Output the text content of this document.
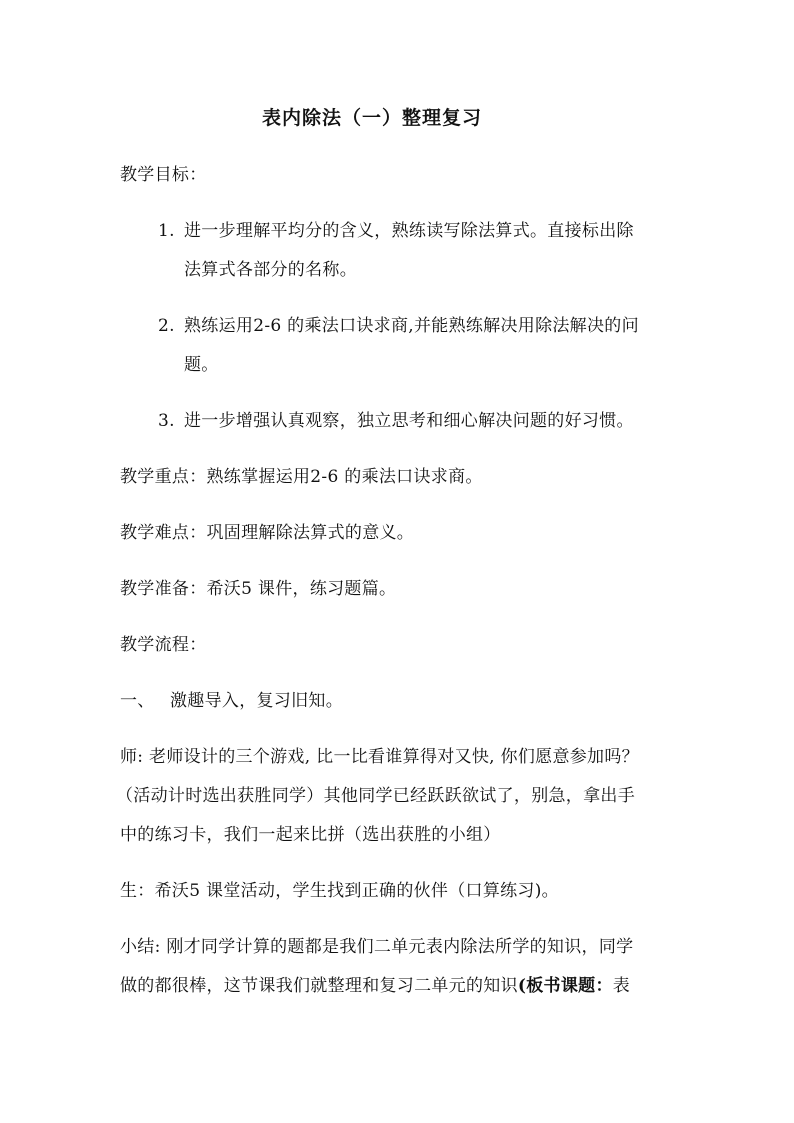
表内除法（一）整理复习
教学目标：
1. 进一步理解平均分的含义，熟练读写除法算式。直接标出除
法算式各部分的名称。
2. 熟练运用2-6 的乘法口诀求商,并能熟练解决用除法解决的问
题。
3. 进一步增强认真观察，独立思考和细心解决问题的好习惯。
教学重点：熟练掌握运用2-6 的乘法口诀求商。
教学难点：巩固理解除法算式的意义。
教学准备：希沃5 课件，练习题篇。
教学流程：
一、 激趣导入，复习旧知。
师: 老师设计的三个游戏, 比一比看谁算得对又快, 你们愿意参加吗？
（活动计时选出获胜同学）其他同学已经跃跃欲试了，别急，拿出手
中的练习卡，我们一起来比拼（选出获胜的小组）
生：希沃5 课堂活动，学生找到正确的伙伴（口算练习)。
小结: 刚才同学计算的题都是我们二单元表内除法所学的知识，同学
做的都很棒，这节课我们就整理和复习二单元的知识(板书课题：表
